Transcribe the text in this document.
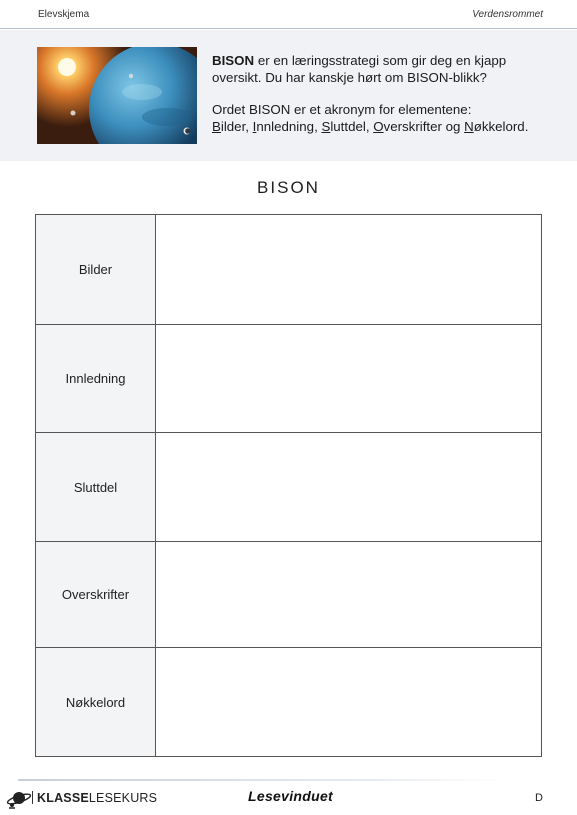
Elevskjema	Verdensrommet

BISON er en læringsstrategi som gir deg en kjapp oversikt. Du har kanskje hørt om BISON-blikk?

Ordet BISON er et akronym for elementene:
Bilder, Innledning, Sluttdel, Overskrifter og Nøkkelord.

BISON
Bilder
Innledning
Sluttdel
Overskrifter
Nøkkelord
KLASSELESEKURS	Lesevinduet	D
